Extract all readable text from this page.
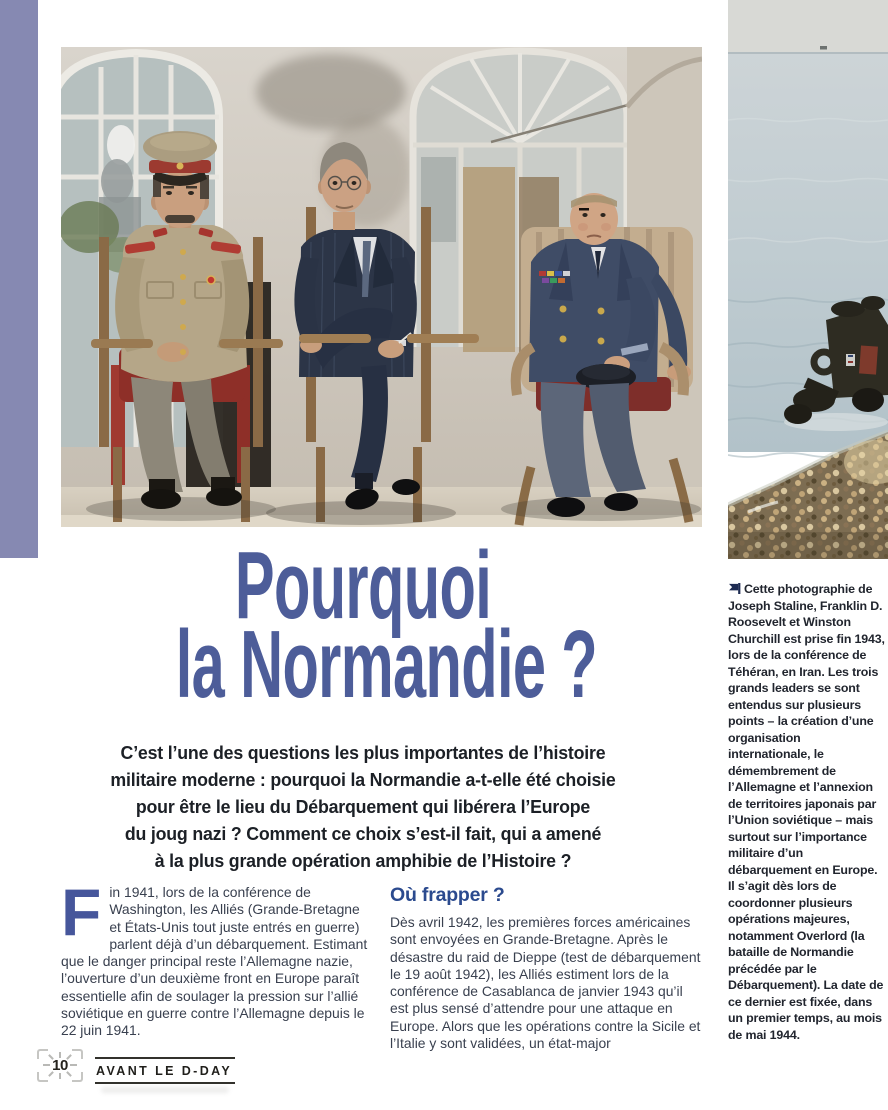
Pourquoi
la Normandie ?
C’est l’une des questions les plus importantes de l’histoire
militaire moderne : pourquoi la Normandie a-t-elle été choisie
pour être le lieu du Débarquement qui libérera l’Europe
du joug nazi ? Comment ce choix s’est-il fait, qui a amené
à la plus grande opération amphibie de l’Histoire ?
F in 1941, lors de la conférence de Washington, les Alliés (Grande-Bretagne et États-Unis tout juste entrés en guerre) parlent déjà d’un débarquement. Estimant que le danger principal reste l’Allemagne nazie, l’ouverture d’un deuxième front en Europe paraît essentielle afin de soulager la pression sur l’allié soviétique en guerre contre l’Allemagne depuis le 22 juin 1941.

Où frapper ?

Dès avril 1942, les premières forces américaines sont envoyées en Grande-Bretagne. Après le désastre du raid de Dieppe (test de débarquement le 19 août 1942), les Alliés estiment lors de la conférence de Casablanca de janvier 1943 qu’il est plus sensé d’attendre pour une attaque en Europe. Alors que les opérations contre la Sicile et l’Italie y sont validées, un état-major

Cette photographie de Joseph Staline, Franklin D. Roosevelt et Winston Churchill est prise fin 1943, lors de la conférence de Téhéran, en Iran. Les trois grands leaders se sont entendus sur plusieurs points – la création d’une organisation internationale, le démembrement de l’Allemagne et l’annexion de territoires japonais par l’Union soviétique – mais surtout sur l’importance militaire d’un débarquement en Europe. Il s’agit dès lors de coordonner plusieurs opérations majeures, notamment Overlord (la bataille de Normandie précédée par le Débarquement). La date de ce dernier est fixée, dans un premier temps, au mois de mai 1944.
10	AVANT LE D-DAY
